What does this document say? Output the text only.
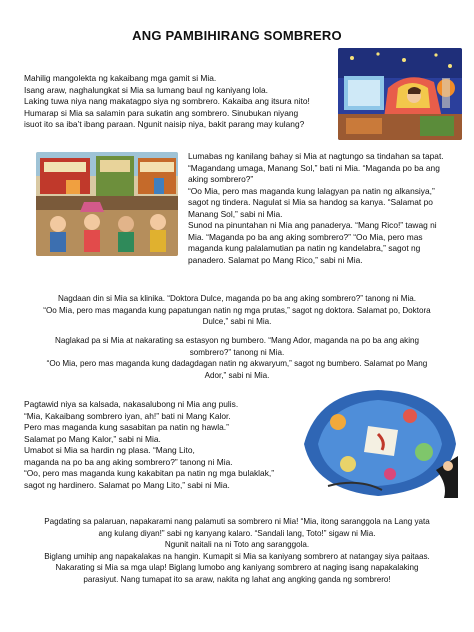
ANG PAMBIHIRANG SOMBRERO
Mahilig mangolekta ng kakaibang mga gamit si Mia.
Isang araw, naghalungkat si Mia sa lumang baul ng kaniyang lola.
Laking tuwa niya nang makatagpo siya ng sombrero. Kakaiba ang itsura nito!
Humarap si Mia sa salamin para sukatin ang sombrero. Sinubukan niyang
isuot ito sa iba’t ibang paraan. Ngunit naisip niya, bakit parang may kulang?
Lumabas ng kanilang bahay si Mia at nagtungo sa tindahan sa tapat.
“Magandang umaga, Manang Sol,” bati ni Mia. “Maganda po ba ang
aking sombrero?”
“Oo Mia, pero mas maganda kung lalagyan pa natin ng alkansiya,”
sagot ng tindera. Nagulat si Mia sa handog sa kanya. “Salamat po
Manang Sol,” sabi ni Mia.
Sunod na pinuntahan ni Mia ang panaderya. “Mang Rico!” tawag ni
Mia. “Maganda po ba ang aking sombrero?” “Oo Mia, pero mas
maganda kung palalamutian pa natin ng kandelabra,” sagot ng
panadero. Salamat po Mang Rico,” sabi ni Mia.
Nagdaan din si Mia sa klinika. “Doktora Dulce, maganda po ba ang aking sombrero?” tanong ni Mia.
“Oo Mia, pero mas maganda kung papatungan natin ng mga prutas,” sagot ng doktora. Salamat po, Doktora
Dulce,” sabi ni Mia.
Naglakad pa si Mia at nakarating sa estasyon ng bumbero. “Mang Ador, maganda na po ba ang aking
sombrero?” tanong ni Mia.
“Oo Mia, pero mas maganda kung dadagdagan natin ng akwaryum,” sagot ng bumbero. Salamat po Mang
Ador,” sabi ni Mia.
Pagtawid niya sa kalsada, nakasalubong ni Mia ang pulis.
“Mia, Kakaibang sombrero iyan, ah!” bati ni Mang Kalor.
Pero mas maganda kung sasabitan pa natin ng hawla.”
Salamat po Mang Kalor,” sabi ni Mia.
Umabot si Mia sa hardin ng plasa. “Mang Lito,
maganda na po ba ang aking sombrero?” tanong ni Mia.
“Oo, pero mas maganda kung kakabitan pa natin ng mga bulaklak,”
sagot ng hardinero. Salamat po Mang Lito,” sabi ni Mia.
Pagdating sa palaruan, napakarami nang palamuti sa sombrero ni Mia! “Mia, itong saranggola na Lang yata
ang kulang diyan!” sabi ng kanyang kalaro. “Sandali lang, Toto!” sigaw ni Mia.
Ngunit naitali na ni Toto ang saranggola.
Biglang umihip ang napakalakas na hangin. Kumapit si Mia sa kaniyang sombrero at natangay siya paitaas.
Nakarating si Mia sa mga ulap! Biglang lumobo ang kaniyang sombrero at naging isang napakalaking
parasiyut. Nang tumapat ito sa araw, nakita ng lahat ang angking ganda ng sombrero!
